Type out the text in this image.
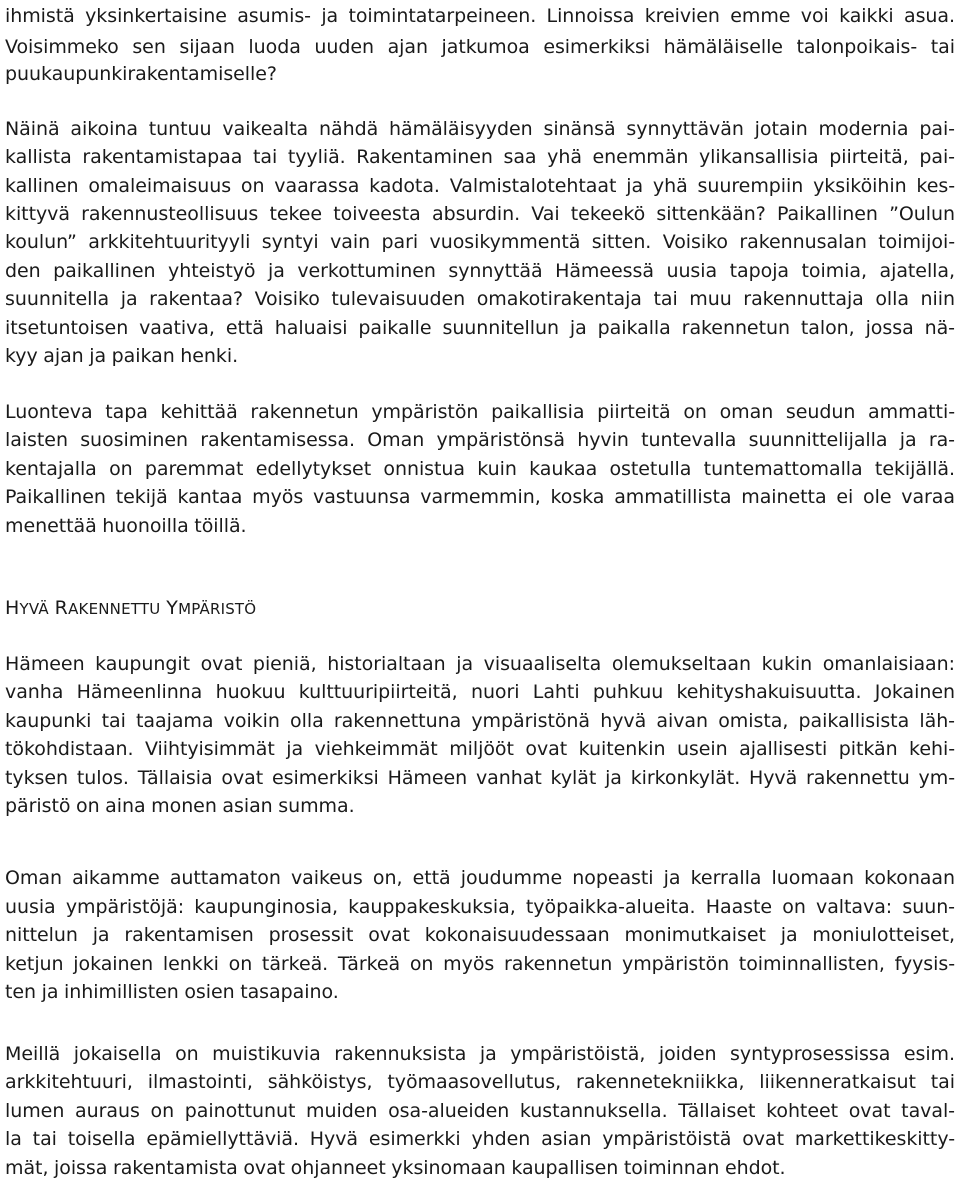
ihmistä yksinkertaisine asumis- ja toimintatarpeineen. Linnoissa kreivien emme voi kaikki asua.
Voisimmeko sen sijaan luoda uuden ajan jatkumoa esimerkiksi hämäläiselle talonpoikais- tai
puukaupunkirakentamiselle?
Näinä aikoina tuntuu vaikealta nähdä hämäläisyyden sinänsä synnyttävän jotain modernia pai-
kallista rakentamistapaa tai tyyliä. Rakentaminen saa yhä enemmän ylikansallisia piirteitä, pai-
kallinen omaleimaisuus on vaarassa kadota. Valmistalotehtaat ja yhä suurempiin yksiköihin kes-
kittyvä rakennusteollisuus tekee toiveesta absurdin. Vai tekeekö sittenkään? Paikallinen ”Oulun
koulun” arkkitehtuurityyli syntyi vain pari vuosikymmentä sitten. Voisiko rakennusalan toimijoi-
den paikallinen yhteistyö ja verkottuminen synnyttää Hämeessä uusia tapoja toimia, ajatella,
suunnitella ja rakentaa? Voisiko tulevaisuuden omakotirakentaja tai muu rakennuttaja olla niin
itsetuntoisen vaativa, että haluaisi paikalle suunnitellun ja paikalla rakennetun talon, jossa nä-
kyy ajan ja paikan henki.
Luonteva tapa kehittää rakennetun ympäristön paikallisia piirteitä on oman seudun ammatti-
laisten suosiminen rakentamisessa. Oman ympäristönsä hyvin tuntevalla suunnittelijalla ja ra-
kentajalla on paremmat edellytykset onnistua kuin kaukaa ostetulla tuntemattomalla tekijällä.
Paikallinen tekijä kantaa myös vastuunsa varmemmin, koska ammatillista mainetta ei ole varaa
menettää huonoilla töillä.
HYVÄ RAKENNETTU YMPÄRISTÖ
Hämeen kaupungit ovat pieniä, historialtaan ja visuaaliselta olemukseltaan kukin omanlaisiaan:
vanha Hämeenlinna huokuu kulttuuripiirteitä, nuori Lahti puhkuu kehityshakuisuutta. Jokainen
kaupunki tai taajama voikin olla rakennettuna ympäristönä hyvä aivan omista, paikallisista läh-
tökohdistaan. Viihtyisimmät ja viehkeimmät miljööt ovat kuitenkin usein ajallisesti pitkän kehi-
tyksen tulos. Tällaisia ovat esimerkiksi Hämeen vanhat kylät ja kirkonkylät. Hyvä rakennettu ym-
päristö on aina monen asian summa.
Oman aikamme auttamaton vaikeus on, että joudumme nopeasti ja kerralla luomaan kokonaan
uusia ympäristöjä: kaupunginosia, kauppakeskuksia, työpaikka-alueita. Haaste on valtava: suun-
nittelun ja rakentamisen prosessit ovat kokonaisuudessaan monimutkaiset ja moniulotteiset,
ketjun jokainen lenkki on tärkeä. Tärkeä on myös rakennetun ympäristön toiminnallisten, fyysis-
ten ja inhimillisten osien tasapaino.
Meillä jokaisella on muistikuvia rakennuksista ja ympäristöistä, joiden syntyprosessissa esim.
arkkitehtuuri, ilmastointi, sähköistys, työmaasovellutus, rakennetekniikka, liikenneratkaisut tai
lumen auraus on painottunut muiden osa-alueiden kustannuksella. Tällaiset kohteet ovat taval-
la tai toisella epämiellyttäviä. Hyvä esimerkki yhden asian ympäristöistä ovat markettikeskitty-
mät, joissa rakentamista ovat ohjanneet yksinomaan kaupallisen toiminnan ehdot.
